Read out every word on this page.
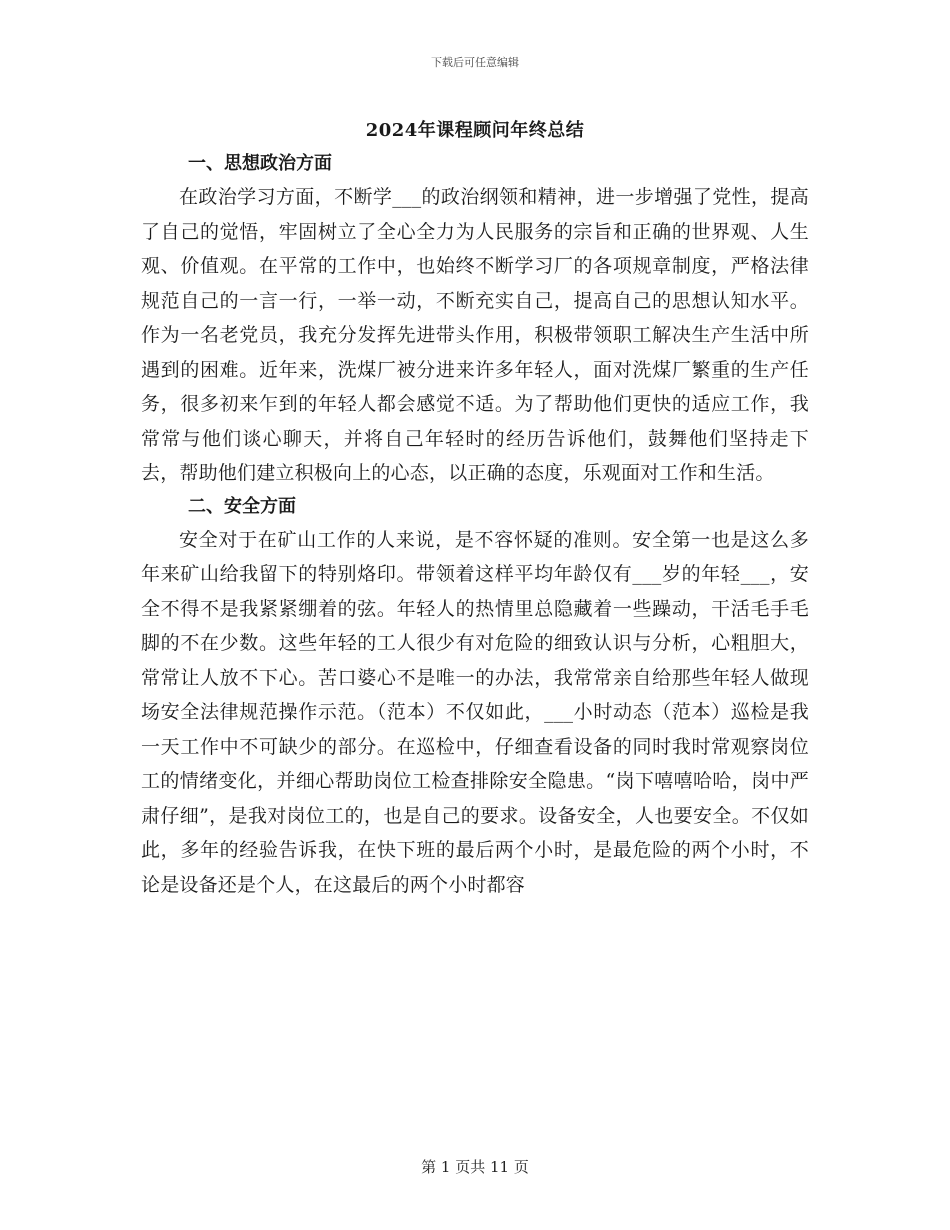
下载后可任意编辑
2024年课程顾问年终总结

一、思想政治方面

在政治学习方面，不断学___的政治纲领和精神，进一步增强了党性，提高了自己的觉悟，牢固树立了全心全力为人民服务的宗旨和正确的世界观、人生观、价值观。在平常的工作中，也始终不断学习厂的各项规章制度，严格法律规范自己的一言一行，一举一动，不断充实自己，提高自己的思想认知水平。作为一名老党员，我充分发挥先进带头作用，积极带领职工解决生产生活中所遇到的困难。近年来，洗煤厂被分进来许多年轻人，面对洗煤厂繁重的生产任务，很多初来乍到的年轻人都会感觉不适。为了帮助他们更快的适应工作，我常常与他们谈心聊天，并将自己年轻时的经历告诉他们，鼓舞他们坚持走下去，帮助他们建立积极向上的心态，以正确的态度，乐观面对工作和生活。

二、安全方面

安全对于在矿山工作的人来说，是不容怀疑的准则。安全第一也是这么多年来矿山给我留下的特别烙印。带领着这样平均年龄仅有___岁的年轻___，安全不得不是我紧紧绷着的弦。年轻人的热情里总隐藏着一些躁动，干活毛手毛脚的不在少数。这些年轻的工人很少有对危险的细致认识与分析，心粗胆大，常常让人放不下心。苦口婆心不是唯一的办法，我常常亲自给那些年轻人做现场安全法律规范操作示范。（范本）不仅如此，___小时动态（范本）巡检是我一天工作中不可缺少的部分。在巡检中，仔细查看设备的同时我时常观察岗位工的情绪变化，并细心帮助岗位工检查排除安全隐患。“岗下嘻嘻哈哈，岗中严肃仔细”，是我对岗位工的，也是自己的要求。设备安全，人也要安全。不仅如此，多年的经验告诉我，在快下班的最后两个小时，是最危险的两个小时，不论是设备还是个人，在这最后的两个小时都容

第 1 页共 11 页
